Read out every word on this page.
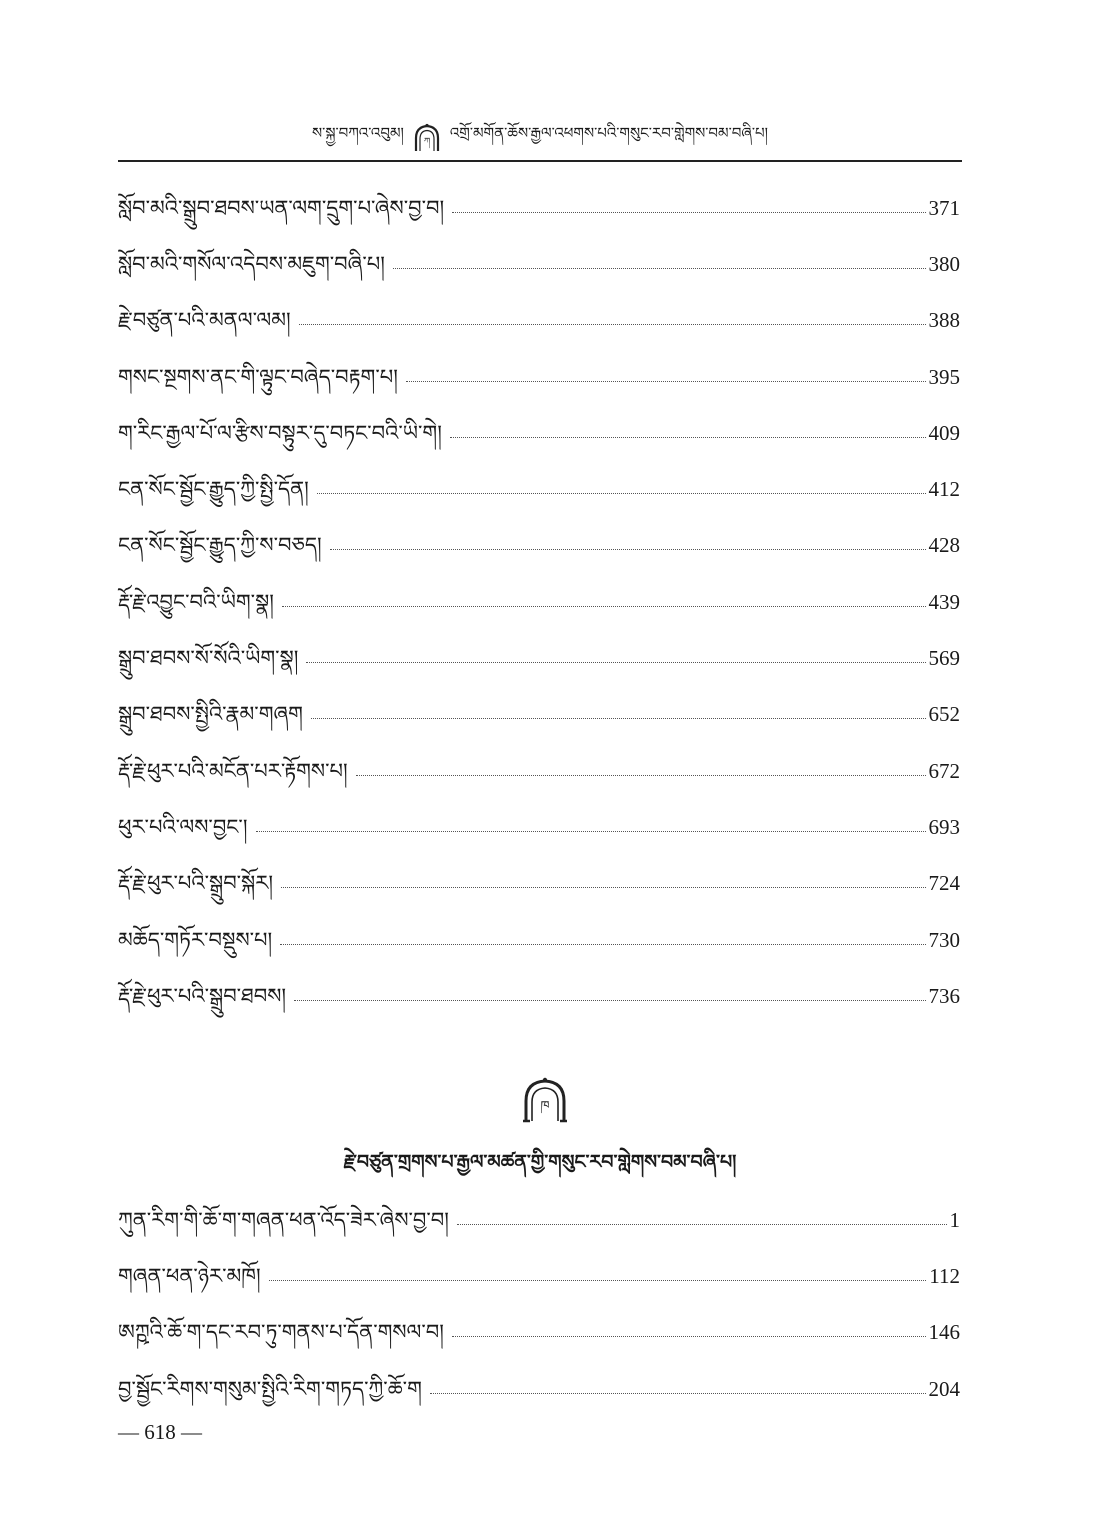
ས་སྐྱ་བཀའ་འབུམ། ཀ འགྲོ་མགོན་ཆོས་རྒྱལ་འཕགས་པའི་གསུང་རབ་གླེགས་བམ་བཞི་པ།
སློབ་མའི་སྒྲུབ་ཐབས་ཡན་ལག་དྲུག་པ་ཞེས་བྱ་བ།	371
སློབ་མའི་གསོལ་འདེབས་མཇུག་བཞི་པ།	380
རྗེ་བཙུན་པའི་མནལ་ལམ།	388
གསང་སྔགས་ནང་གི་ལྟུང་བཞེད་བརྟག་པ།	395
ག་རིང་རྒྱལ་པོ་ལ་རྩིས་བསྟུར་དུ་བཏང་བའི་ཡི་གེ།	409
ངན་སོང་སྦྱོང་རྒྱུད་ཀྱི་སྤྱི་དོན།	412
ངན་སོང་སྦྱོང་རྒྱུད་ཀྱི་ས་བཅད།	428
རྡོ་རྗེ་འབྱུང་བའི་ཡིག་སྣ།	439
སྒྲུབ་ཐབས་སོ་སོའི་ཡིག་སྣ།	569
སྒྲུབ་ཐབས་སྤྱིའི་རྣམ་གཞག	652
རྡོ་རྗེ་ཕུར་པའི་མངོན་པར་རྟོགས་པ།	672
ཕུར་པའི་ལས་བྱང་།	693
རྡོ་རྗེ་ཕུར་པའི་སྒྲུབ་སྐོར།	724
མཆོད་གཏོར་བསྡུས་པ།	730
རྡོ་རྗེ་ཕུར་པའི་སྒྲུབ་ཐབས།	736
ཁ
རྗེ་བཙུན་གྲགས་པ་རྒྱལ་མཚན་གྱི་གསུང་རབ་གླེགས་བམ་བཞི་པ།
ཀུན་རིག་གི་ཆོ་ག་གཞན་ཕན་འོད་ཟེར་ཞེས་བྱ་བ།	1
གཞན་ཕན་ཉེར་མཁོ།	112
ཨཀྵའི་ཆོ་ག་དང་རབ་ཏུ་གནས་པ་དོན་གསལ་བ།	146
བྱ་སྦྱོང་རིགས་གསུམ་སྤྱིའི་རིག་གཏད་ཀྱི་ཆོ་ག	204
— 618 —
